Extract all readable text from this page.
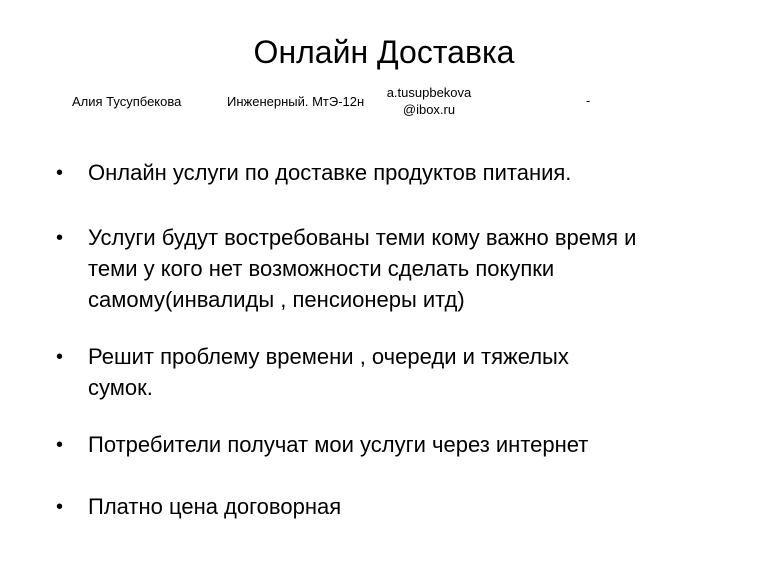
Онлайн Доставка
Алия Тусупбекова	Инженерный. МтЭ-12н
a.tusupbekova
@ibox.ru
-
• Онлайн услуги по доставке продуктов питания.
• Услуги будут востребованы теми кому важно время и
теми у кого нет возможности сделать покупки
самому(инвалиды , пенсионеры итд)
• Решит проблему времени , очереди и тяжелых
сумок.
• Потребители получат мои услуги через интернет
• Платно цена договорная
